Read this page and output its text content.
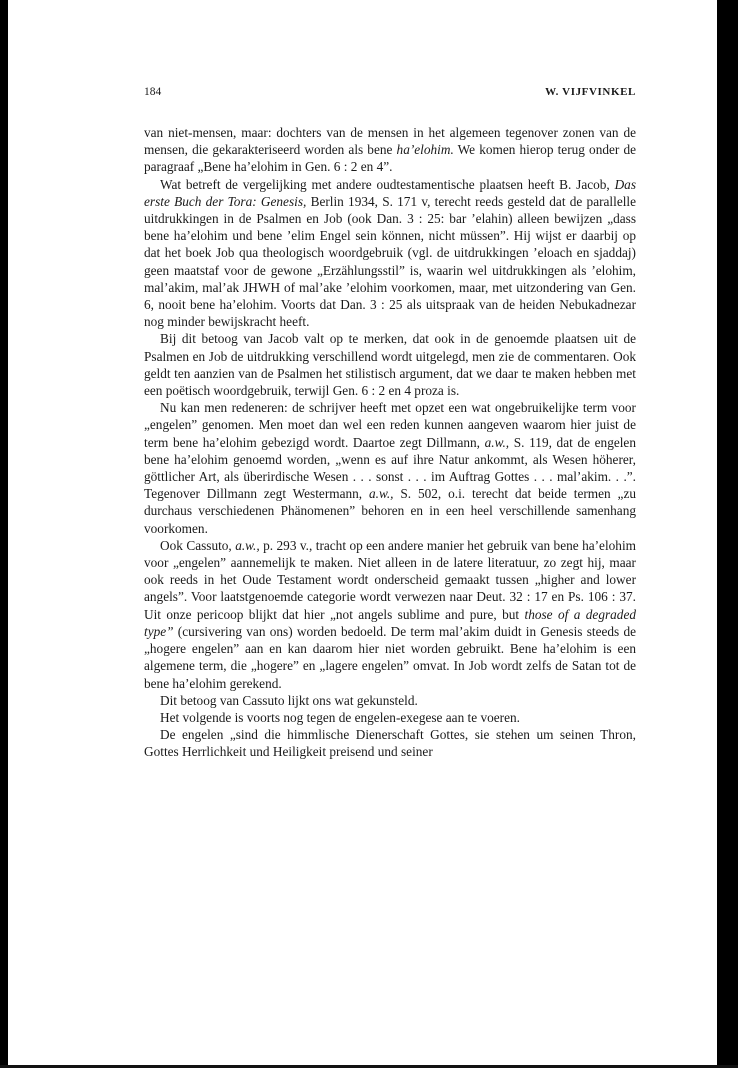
184	W. VIJFVINKEL

van niet-mensen, maar: dochters van de mensen in het algemeen tegenover zonen van de mensen, die gekarakteriseerd worden als bene ha’elohim. We komen hierop terug onder de paragraaf „Bene ha’elohim in Gen. 6 : 2 en 4”.

Wat betreft de vergelijking met andere oudtestamentische plaatsen heeft B. Jacob, Das erste Buch der Tora: Genesis, Berlin 1934, S. 171 v, terecht reeds gesteld dat de parallelle uitdrukkingen in de Psalmen en Job (ook Dan. 3 : 25: bar ’elahin) alleen bewijzen „dass bene ha’elohim und bene ’elim Engel sein können, nicht müssen”. Hij wijst er daarbij op dat het boek Job qua theologisch woordgebruik (vgl. de uitdrukkingen ’eloach en sjaddaj) geen maatstaf voor de gewone „Erzählungsstil” is, waarin wel uitdrukkingen als ’elohim, mal’akim, mal’ak JHWH of mal’ake ’elohim voorkomen, maar, met uitzondering van Gen. 6, nooit bene ha’elohim. Voorts dat Dan. 3 : 25 als uitspraak van de heiden Nebukadnezar nog minder bewijskracht heeft.

Bij dit betoog van Jacob valt op te merken, dat ook in de genoemde plaatsen uit de Psalmen en Job de uitdrukking verschillend wordt uitgelegd, men zie de commentaren. Ook geldt ten aanzien van de Psalmen het stilistisch argument, dat we daar te maken hebben met een poëtisch woordgebruik, terwijl Gen. 6 : 2 en 4 proza is.

Nu kan men redeneren: de schrijver heeft met opzet een wat ongebruikelijke term voor „engelen” genomen. Men moet dan wel een reden kunnen aangeven waarom hier juist de term bene ha’elohim gebezigd wordt. Daartoe zegt Dillmann, a.w., S. 119, dat de engelen bene ha’elohim genoemd worden, „wenn es auf ihre Natur ankommt, als Wesen höherer, göttlicher Art, als überirdische Wesen . . . sonst . . . im Auftrag Gottes . . . mal’akim. . .”. Tegenover Dillmann zegt Westermann, a.w., S. 502, o.i. terecht dat beide termen „zu durchaus verschiedenen Phänomenen” behoren en in een heel verschillende samenhang voorkomen.

Ook Cassuto, a.w., p. 293 v., tracht op een andere manier het gebruik van bene ha’elohim voor „engelen” aannemelijk te maken. Niet alleen in de latere literatuur, zo zegt hij, maar ook reeds in het Oude Testament wordt onderscheid gemaakt tussen „higher and lower angels”. Voor laatstgenoemde categorie wordt verwezen naar Deut. 32 : 17 en Ps. 106 : 37. Uit onze pericoop blijkt dat hier „not angels sublime and pure, but those of a degraded type” (cursivering van ons) worden bedoeld. De term mal’akim duidt in Genesis steeds de „hogere engelen” aan en kan daarom hier niet worden gebruikt. Bene ha’elohim is een algemene term, die „hogere” en „lagere engelen” omvat. In Job wordt zelfs de Satan tot de bene ha’elohim gerekend.

Dit betoog van Cassuto lijkt ons wat gekunsteld.

Het volgende is voorts nog tegen de engelen-exegese aan te voeren.

De engelen „sind die himmlische Dienerschaft Gottes, sie stehen um seinen Thron, Gottes Herrlichkeit und Heiligkeit preisend und seiner
